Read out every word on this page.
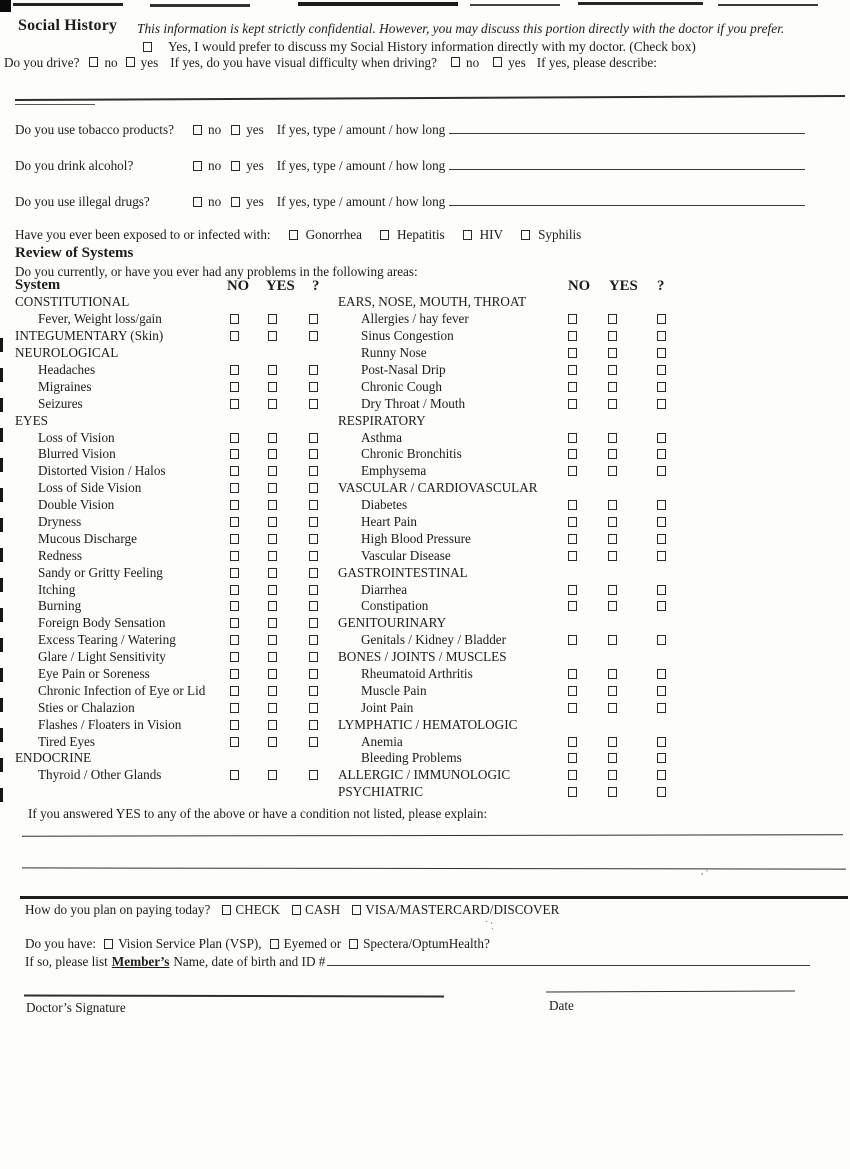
Social History This information is kept strictly confidential. However, you may discuss this portion directly with the doctor if you prefer.
Yes, I would prefer to discuss my Social History information directly with my doctor. (Check box)
Do you drive? no yes If yes, do you have visual difficulty when driving? no yes If yes, please describe:
Do you use tobacco products?	no	yes If yes, type / amount / how long
Do you drink alcohol?	no	yes If yes, type / amount / how long
Do you use illegal drugs?	no	yes If yes, type / amount / how long
Have you ever been exposed to or infected with:	Gonorrhea	Hepatitis	HIV	Syphilis
Review of Systems
Do you currently, or have you ever had any problems in the following areas:
System	NO YES ?	NO YES ?
CONSTITUTIONAL
Fever, Weight loss/gain
INTEGUMENTARY (Skin)
NEUROLOGICAL
Headaches
Migraines
Seizures
EYES
Loss of Vision
Blurred Vision
Distorted Vision / Halos
Loss of Side Vision
Double Vision
Dryness
Mucous Discharge
Redness
Sandy or Gritty Feeling
Itching
Burning
Foreign Body Sensation
Excess Tearing / Watering
Glare / Light Sensitivity
Eye Pain or Soreness
Chronic Infection of Eye or Lid
Sties or Chalazion
Flashes / Floaters in Vision
Tired Eyes
ENDOCRINE
Thyroid / Other Glands
EARS, NOSE, MOUTH, THROAT
Allergies / hay fever
Sinus Congestion
Runny Nose
Post-Nasal Drip
Chronic Cough
Dry Throat / Mouth
RESPIRATORY
Asthma
Chronic Bronchitis
Emphysema
VASCULAR / CARDIOVASCULAR
Diabetes
Heart Pain
High Blood Pressure
Vascular Disease
GASTROINTESTINAL
Diarrhea
Constipation
GENITOURINARY
Genitals / Kidney / Bladder
BONES / JOINTS / MUSCLES
Rheumatoid Arthritis
Muscle Pain
Joint Pain
LYMPHATIC / HEMATOLOGIC
Anemia
Bleeding Problems
ALLERGIC / IMMUNOLOGIC
PSYCHIATRIC
If you answered YES to any of the above or have a condition not listed, please explain:
, ·
How do you plan on paying today?	CHECK	CASH	VISA/MASTERCARD/DISCOVER
´ ˋ.
Do you have:	Vision Service Plan (VSP),	Eyemed or	Spectera/OptumHealth?
If so, please list Member’s Name, date of birth and ID #
Doctor’s Signature	Date
